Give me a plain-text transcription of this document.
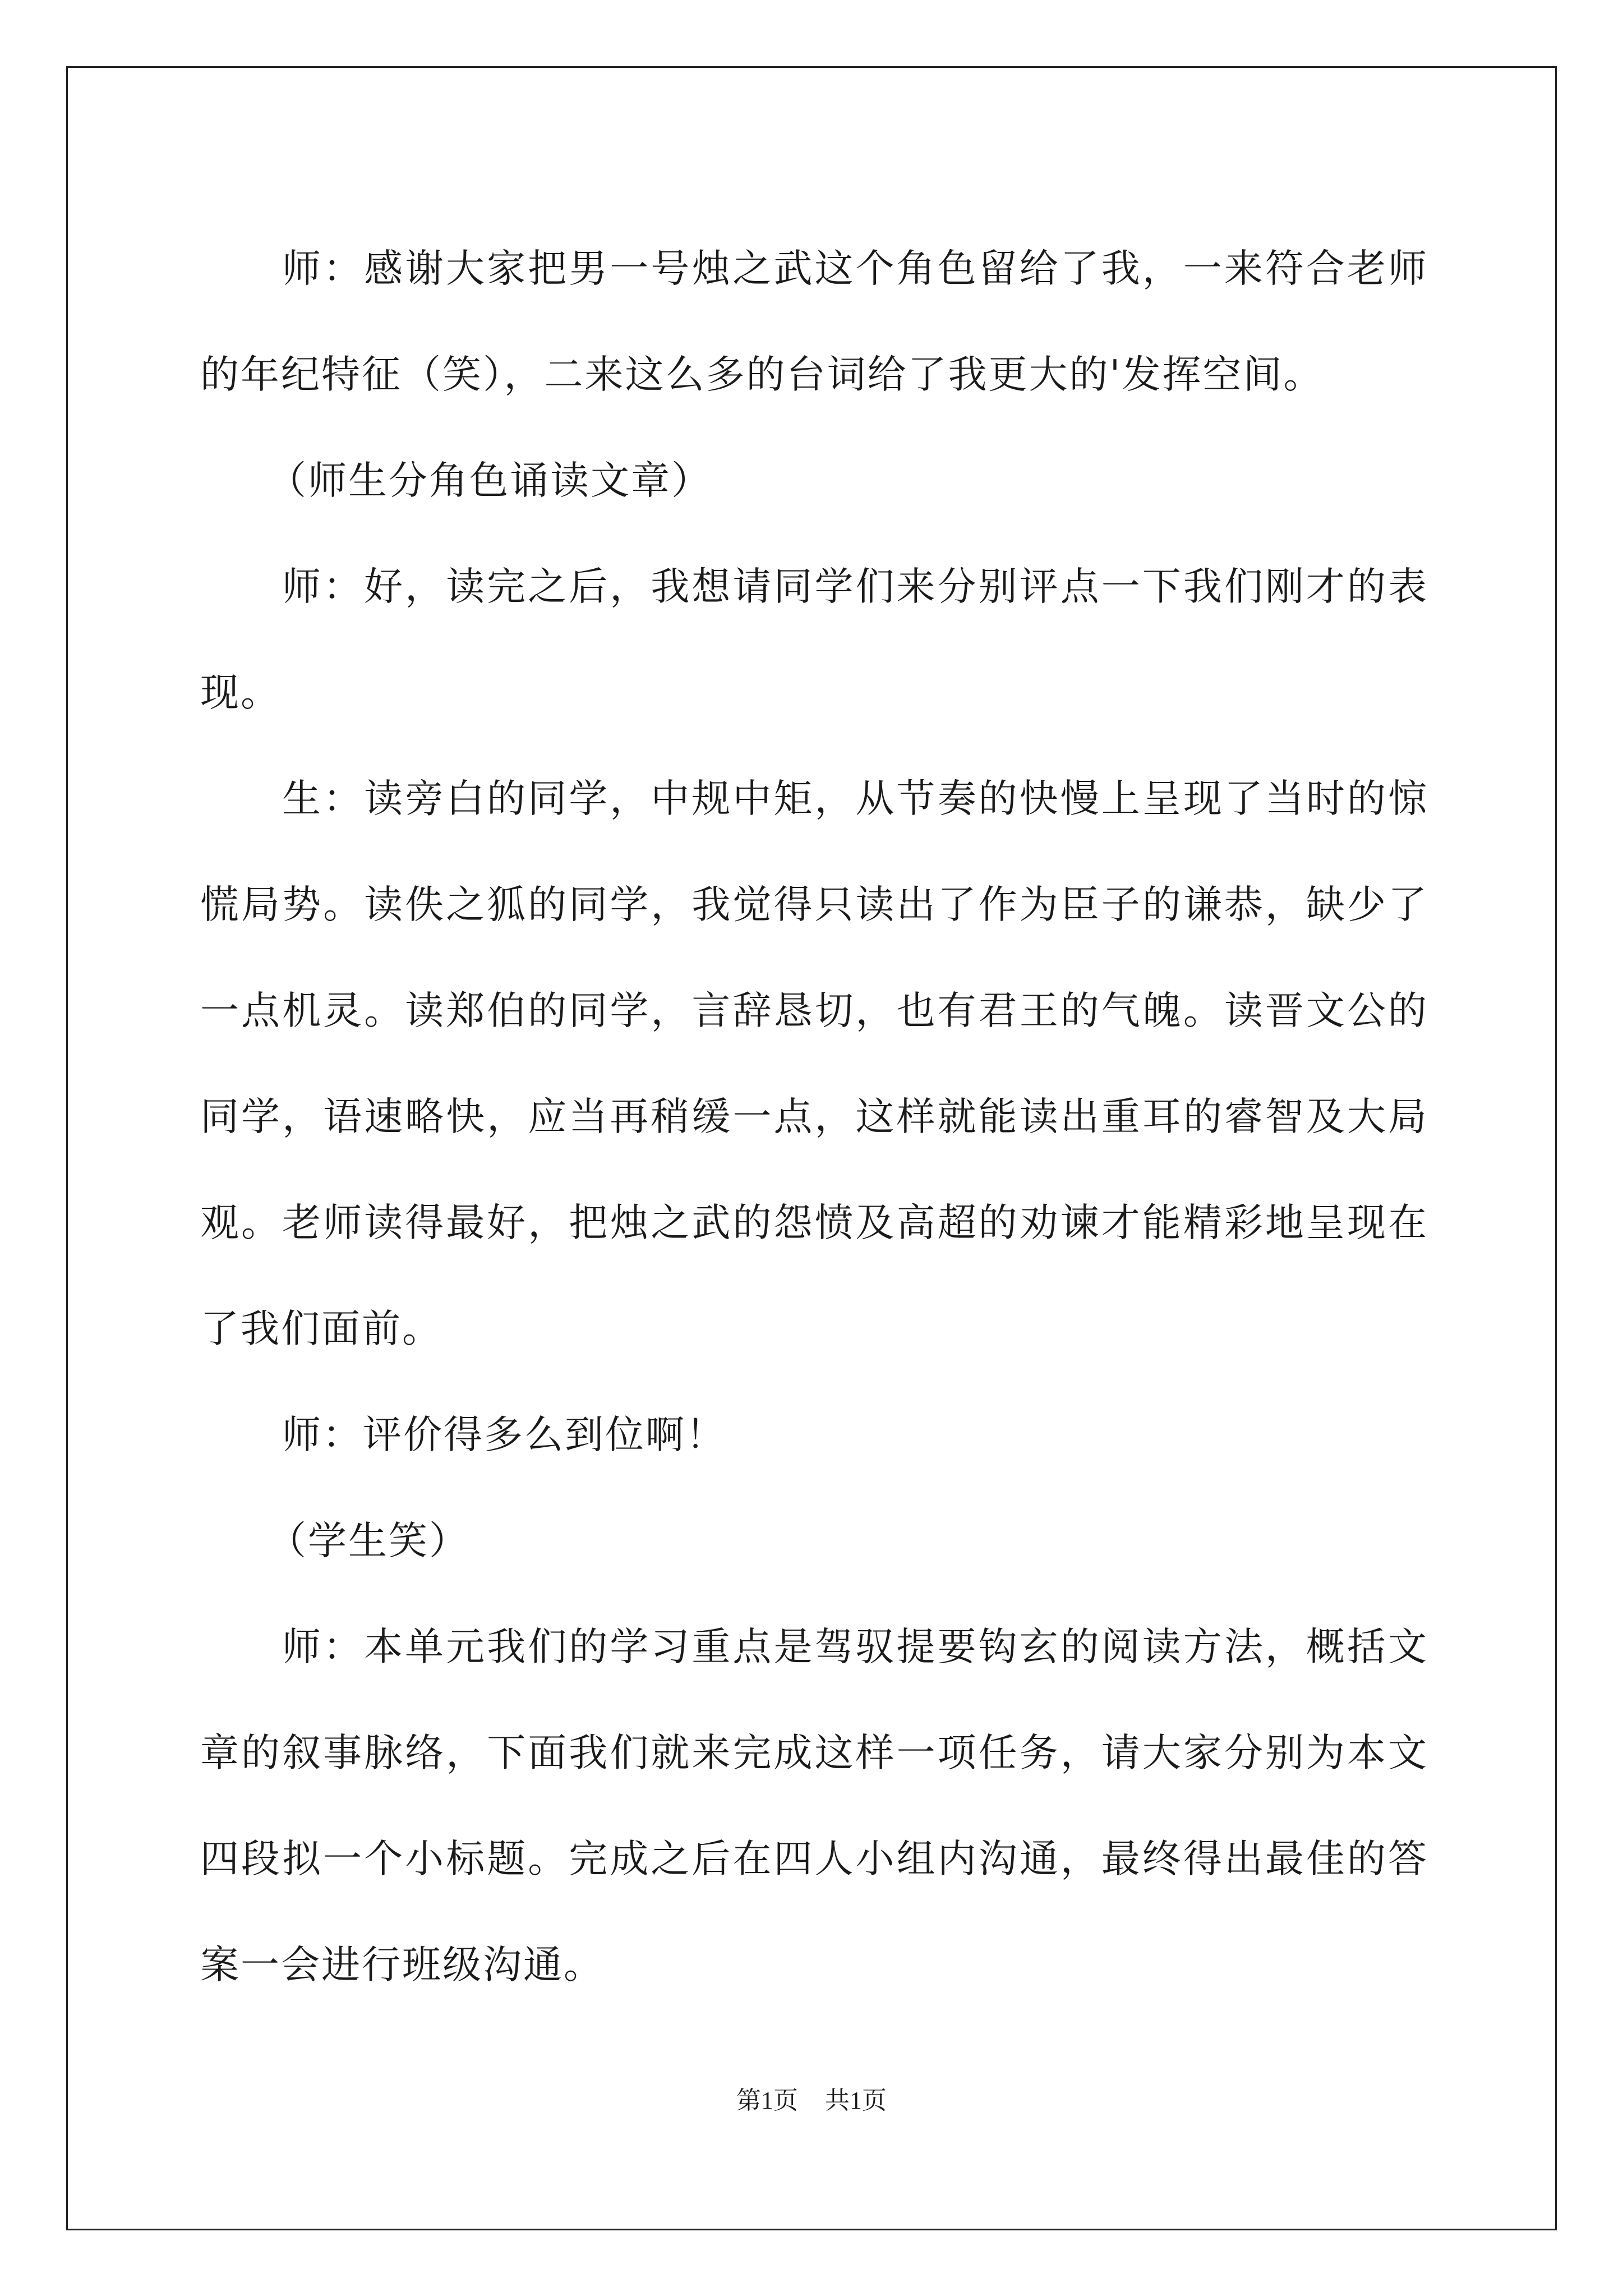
师：感谢大家把男一号烛之武这个角色留给了我，一来符合老师的年纪特征（笑），二来这么多的台词给了我更大的'发挥空间。

（师生分角色诵读文章）

师：好，读完之后，我想请同学们来分别评点一下我们刚才的表现。

生：读旁白的同学，中规中矩，从节奏的快慢上呈现了当时的惊慌局势。读佚之狐的同学，我觉得只读出了作为臣子的谦恭，缺少了一点机灵。读郑伯的同学，言辞恳切，也有君王的气魄。读晋文公的同学，语速略快，应当再稍缓一点，这样就能读出重耳的睿智及大局观。老师读得最好，把烛之武的怨愤及高超的劝谏才能精彩地呈现在了我们面前。

师：评价得多么到位啊！

（学生笑）

师：本单元我们的学习重点是驾驭提要钩玄的阅读方法，概括文章的叙事脉络，下面我们就来完成这样一项任务，请大家分别为本文四段拟一个小标题。完成之后在四人小组内沟通，最终得出最佳的答案一会进行班级沟通。

第1页 共1页
